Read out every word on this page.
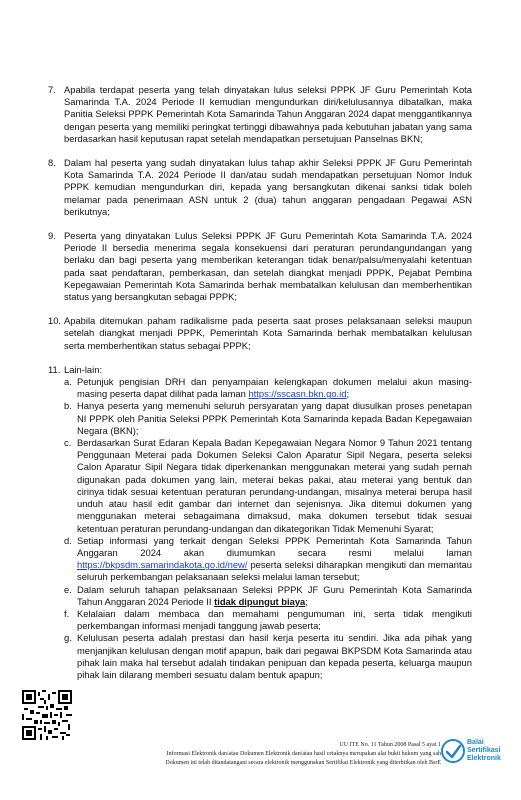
7. Apabila terdapat peserta yang telah dinyatakan lulus seleksi PPPK JF Guru Pemerintah Kota Samarinda T.A. 2024 Periode II kemudian mengundurkan diri/kelulusannya dibatalkan, maka Panitia Seleksi PPPK Pemerintah Kota Samarinda Tahun Anggaran 2024 dapat menggantikannya dengan peserta yang memiliki peringkat tertinggi dibawahnya pada kebutuhan jabatan yang sama berdasarkan hasil keputusan rapat setelah mendapatkan persetujuan Panselnas BKN;
8. Dalam hal peserta yang sudah dinyatakan lulus tahap akhir Seleksi PPPK JF Guru Pemerintah Kota Samarinda T.A. 2024 Periode II dan/atau sudah mendapatkan persetujuan Nomor Induk PPPK kemudian mengundurkan diri, kepada yang bersangkutan dikenai sanksi tidak boleh melamar pada penerimaan ASN untuk 2 (dua) tahun anggaran pengadaan Pegawai ASN berikutnya;
9. Peserta yang dinyatakan Lulus Seleksi PPPK JF Guru Pemerintah Kota Samarinda T.A. 2024 Periode II bersedia menerima segala konsekuensi dari peraturan perundangundangan yang berlaku dan bagi peserta yang memberikan keterangan tidak benar/palsu/menyalahi ketentuan pada saat pendaftaran, pemberkasan, dan setelah diangkat menjadi PPPK, Pejabat Pembina Kepegawaian Pemerintah Kota Samarinda berhak membatalkan kelulusan dan memberhentikan status yang bersangkutan sebagai PPPK;
10. Apabila ditemukan paham radikalisme pada peserta saat proses pelaksanaan seleksi maupun setelah diangkat menjadi PPPK, Pemerintah Kota Samarinda berhak membatalkan kelulusan serta memberhentikan status sebagai PPPK;
11. Lain-lain:
a. Petunjuk pengisian DRH dan penyampaian kelengkapan dokumen melalui akun masing-masing peserta dapat dilihat pada laman https://sscasn.bkn.go.id;
b. Hanya peserta yang memenuhi seluruh persyaratan yang dapat diusulkan proses penetapan NI PPPK oleh Panitia Seleksi PPPK Pemerintah Kota Samarinda kepada Badan Kepegawaian Negara (BKN);
c. Berdasarkan Surat Edaran Kepala Badan Kepegawaian Negara Nomor 9 Tahun 2021 tentang Penggunaan Meterai pada Dokumen Seleksi Calon Aparatur Sipil Negara, peserta seleksi Calon Aparatur Sipil Negara tidak diperkenankan menggunakan meterai yang sudah pernah digunakan pada dokumen yang lain, meterai bekas pakai, atau meterai yang bentuk dan cirinya tidak sesuai ketentuan peraturan perundang-undangan, misalnya meterai berupa hasil unduh atau hasil edit gambar dari internet dan sejenisnya. Jika ditemui dokumen yang menggunakan meterai sebagaimana dimaksud, maka dokumen tersebut tidak sesuai ketentuan peraturan perundang-undangan dan dikategorikan Tidak Memenuhi Syarat;
d. Setiap informasi yang terkait dengan Seleksi PPPK Pemerintah Kota Samarinda Tahun Anggaran 2024 akan diumumkan secara resmi melalui laman https://bkpsdm.samarindakota.go.id/new/ peserta seleksi diharapkan mengikuti dan memantau seluruh perkembangan pelaksanaan seleksi melalui laman tersebut;
e. Dalam seluruh tahapan pelaksanaan Seleksi PPPK JF Guru Pemerintah Kota Samarinda Tahun Anggaran 2024 Periode II tidak dipungut biaya;
f. Kelalaian dalam membaca dan memahami pengumuman ini, serta tidak mengikuti perkembangan informasi menjadi tanggung jawab peserta;
g. Kelulusan peserta adalah prestasi dan hasil kerja peserta itu sendiri. Jika ada pihak yang menjanjikan kelulusan dengan motif apapun, baik dari pegawai BKPSDM Kota Samarinda atau pihak lain maka hal tersebut adalah tindakan penipuan dan kepada peserta, keluarga maupun pihak lain dilarang memberi sesuatu dalam bentuk apapun;
UU ITE No. 11 Tahun 2008 Pasal 5 ayat 1
Informasi Elektronik dan/atau Dokumen Elektronik dan/atau hasil cetaknya merupakan alat bukti hukum yang sah
Dokumen ini telah ditandatangani secara elektronik menggunakan Sertifikat Elektronik yang diterbitkan oleh BsrE
Balai
Sertifikasi
Elektronik
